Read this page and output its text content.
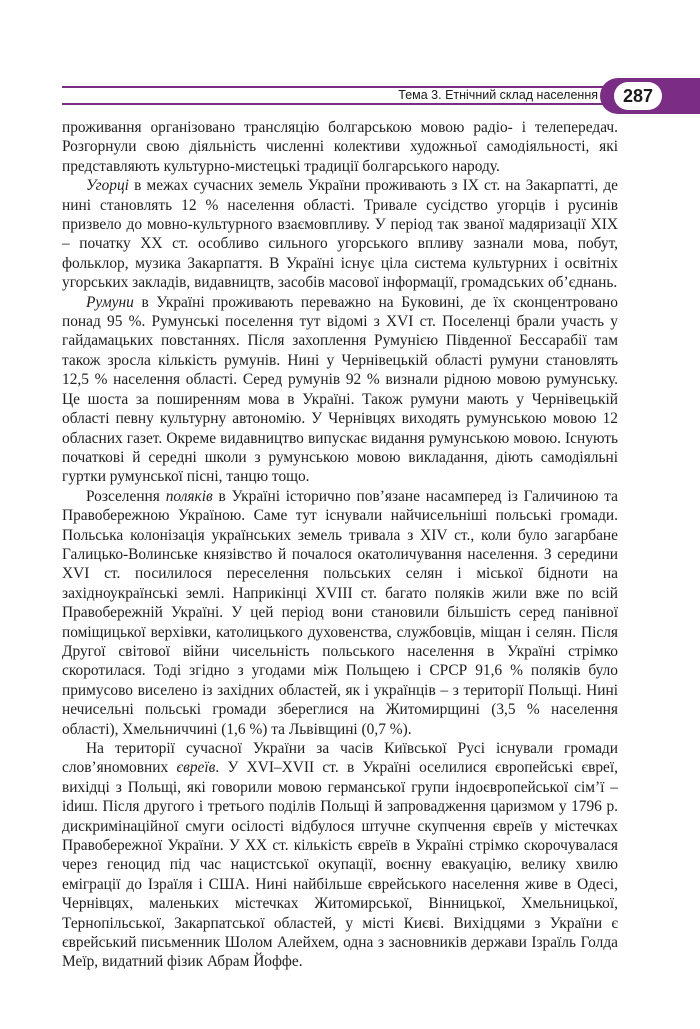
Тема 3. Етнічний склад населення	287

проживання організовано трансляцію болгарською мовою радіо- і телепередач. Розгорнули свою діяльність численні колективи художньої самодіяльності, які представляють культурно-мистецькі традиції болгарського народу.

Угорці в межах сучасних земель України проживають з IX ст. на Закарпатті, де нині становлять 12 % населення області. Тривале сусідство угорців і русинів призвело до мовно-культурного взаємовпливу. У період так званої мадяризації XIX – початку XX ст. особливо сильного угорського впливу зазнали мова, побут, фольклор, музика Закарпаття. В Україні існує ціла система культурних і освітніх угорських закладів, видавництв, засобів масової інформації, громадських об’єднань.

Румуни в Україні проживають переважно на Буковині, де їх сконцентровано понад 95 %. Румунські поселення тут відомі з XVI ст. Поселенці брали участь у гайдамацьких повстаннях. Після захоплення Румунією Південної Бессарабії там також зросла кількість румунів. Нині у Чернівецькій області румуни становлять 12,5 % населення області. Серед румунів 92 % визнали рідною мовою румунську. Це шоста за поширенням мова в Україні. Також румуни мають у Чернівецькій області певну культурну автономію. У Чернівцях виходять румунською мовою 12 обласних газет. Окреме видавництво випускає видання румунською мовою. Існують початкові й середні школи з румунською мовою викладання, діють самодіяльні гуртки румунської пісні, танцю тощо.

Розселення поляків в Україні історично пов’язане насамперед із Галичиною та Правобережною Україною. Саме тут існували найчисельніші польські громади. Польська колонізація українських земель тривала з XIV ст., коли було загарбане Галицько-Волинське князівство й почалося окатоличування населення. З середини XVI ст. посилилося переселення польських селян і міської бідноти на західноукраїнські землі. Наприкінці XVIII ст. багато поляків жили вже по всій Правобережній Україні. У цей період вони становили більшість серед панівної поміщицької верхівки, католицького духовенства, службовців, міщан і селян. Після Другої світової війни чисельність польського населення в Україні стрімко скоротилася. Тоді згідно з угодами між Польщею і СРСР 91,6 % поляків було примусово виселено із західних областей, як і українців – з території Польщі. Нині нечисельні польські громади збереглися на Житомирщині (3,5 % населення області), Хмельниччині (1,6 %) та Львівщині (0,7 %).

На території сучасної України за часів Київської Русі існували громади слов’яномовних євреїв. У XVI–XVII ст. в Україні оселилися європейські євреї, вихідці з Польщі, які говорили мовою германської групи індоєвропейської сім’ї – idиш. Після другого і третього поділів Польщі й запровадження царизмом у 1796 р. дискримінаційної смуги осілості відбулося штучне скупчення євреїв у містечках Правобережної України. У XX ст. кількість євреїв в Україні стрімко скорочувалася через геноцид під час нацистської окупації, воєнну евакуацію, велику хвилю еміграції до Ізраїля і США. Нині найбільше єврейського населення живе в Одесі, Чернівцях, маленьких містечках Житомирської, Вінницької, Хмельницької, Тернопільської, Закарпатської областей, у місті Києві. Вихідцями з України є єврейський письменник Шолом Алейхем, одна з засновників держави Ізраїль Голда Меїр, видатний фізик Абрам Йоффе.
